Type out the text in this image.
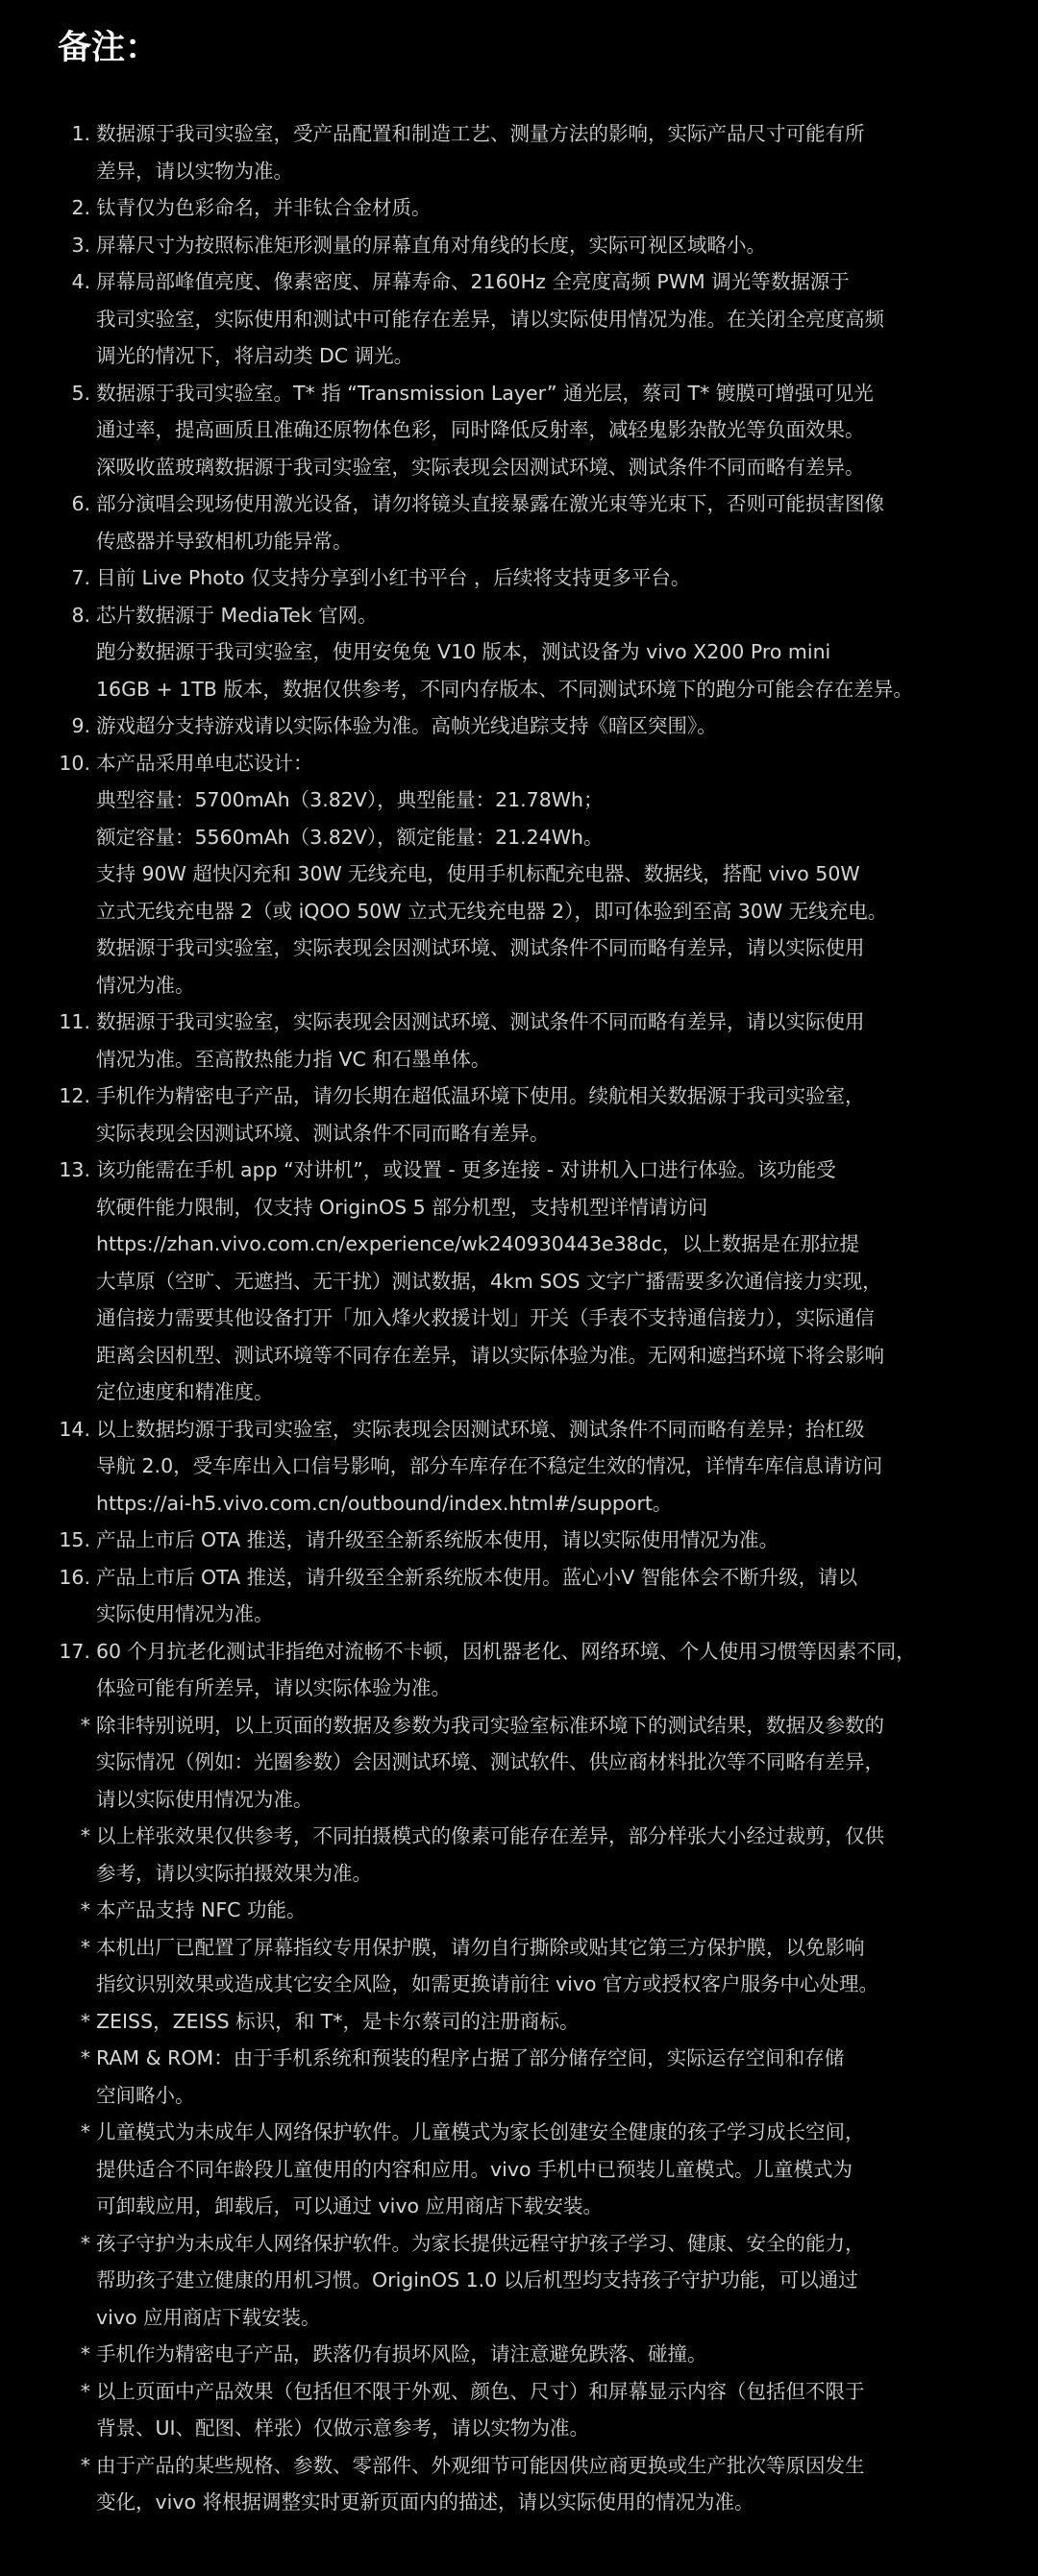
备注：
1. 数据源于我司实验室，受产品配置和制造工艺、测量方法的影响，实际产品尺寸可能有所
差异，请以实物为准。
2. 钛青仅为色彩命名，并非钛合金材质。
3. 屏幕尺寸为按照标准矩形测量的屏幕直角对角线的长度，实际可视区域略小。
4. 屏幕局部峰值亮度、像素密度、屏幕寿命、2160Hz 全亮度高频 PWM 调光等数据源于
我司实验室，实际使用和测试中可能存在差异，请以实际使用情况为准。在关闭全亮度高频
调光的情况下，将启动类 DC 调光。
5. 数据源于我司实验室。T* 指 “Transmission Layer” 通光层，蔡司 T* 镀膜可增强可见光
通过率，提高画质且准确还原物体色彩，同时降低反射率，减轻鬼影杂散光等负面效果。
深吸收蓝玻璃数据源于我司实验室，实际表现会因测试环境、测试条件不同而略有差异。
6. 部分演唱会现场使用激光设备，请勿将镜头直接暴露在激光束等光束下，否则可能损害图像
传感器并导致相机功能异常。
7. 目前 Live Photo 仅支持分享到小红书平台 ，后续将支持更多平台。
8. 芯片数据源于 MediaTek 官网。
跑分数据源于我司实验室，使用安兔兔 V10 版本，测试设备为 vivo X200 Pro mini
16GB + 1TB 版本，数据仅供参考，不同内存版本、不同测试环境下的跑分可能会存在差异。
9. 游戏超分支持游戏请以实际体验为准。高帧光线追踪支持《暗区突围》。
10. 本产品采用单电芯设计：
典型容量：5700mAh（3.82V），典型能量：21.78Wh；
额定容量：5560mAh（3.82V），额定能量：21.24Wh。
支持 90W 超快闪充和 30W 无线充电，使用手机标配充电器、数据线，搭配 vivo 50W
立式无线充电器 2（或 iQOO 50W 立式无线充电器 2），即可体验到至高 30W 无线充电。
数据源于我司实验室，实际表现会因测试环境、测试条件不同而略有差异，请以实际使用
情况为准。
11. 数据源于我司实验室，实际表现会因测试环境、测试条件不同而略有差异，请以实际使用
情况为准。至高散热能力指 VC 和石墨单体。
12. 手机作为精密电子产品，请勿长期在超低温环境下使用。续航相关数据源于我司实验室，
实际表现会因测试环境、测试条件不同而略有差异。
13. 该功能需在手机 app “对讲机”，或设置 - 更多连接 - 对讲机入口进行体验。该功能受
软硬件能力限制，仅支持 OriginOS 5 部分机型，支持机型详情请访问
https://zhan.vivo.com.cn/experience/wk240930443e38dc，以上数据是在那拉提
大草原（空旷、无遮挡、无干扰）测试数据，4km SOS 文字广播需要多次通信接力实现，
通信接力需要其他设备打开「加入烽火救援计划」开关（手表不支持通信接力），实际通信
距离会因机型、测试环境等不同存在差异，请以实际体验为准。无网和遮挡环境下将会影响
定位速度和精准度。
14. 以上数据均源于我司实验室，实际表现会因测试环境、测试条件不同而略有差异；抬杠级
导航 2.0，受车库出入口信号影响，部分车库存在不稳定生效的情况，详情车库信息请访问
https://ai-h5.vivo.com.cn/outbound/index.html#/support。
15. 产品上市后 OTA 推送，请升级至全新系统版本使用，请以实际使用情况为准。
16. 产品上市后 OTA 推送，请升级至全新系统版本使用。蓝心小V 智能体会不断升级，请以
实际使用情况为准。
17. 60 个月抗老化测试非指绝对流畅不卡顿，因机器老化、网络环境、个人使用习惯等因素不同，
体验可能有所差异，请以实际体验为准。
* 除非特别说明，以上页面的数据及参数为我司实验室标准环境下的测试结果，数据及参数的
实际情况（例如：光圈参数）会因测试环境、测试软件、供应商材料批次等不同略有差异，
请以实际使用情况为准。
* 以上样张效果仅供参考，不同拍摄模式的像素可能存在差异，部分样张大小经过裁剪，仅供
参考，请以实际拍摄效果为准。
* 本产品支持 NFC 功能。
* 本机出厂已配置了屏幕指纹专用保护膜，请勿自行撕除或贴其它第三方保护膜，以免影响
指纹识别效果或造成其它安全风险，如需更换请前往 vivo 官方或授权客户服务中心处理。
* ZEISS，ZEISS 标识，和 T*，是卡尔蔡司的注册商标。
* RAM & ROM：由于手机系统和预装的程序占据了部分储存空间，实际运存空间和存储
空间略小。
* 儿童模式为未成年人网络保护软件。儿童模式为家长创建安全健康的孩子学习成长空间，
提供适合不同年龄段儿童使用的内容和应用。vivo 手机中已预装儿童模式。儿童模式为
可卸载应用，卸载后，可以通过 vivo 应用商店下载安装。
* 孩子守护为未成年人网络保护软件。为家长提供远程守护孩子学习、健康、安全的能力，
帮助孩子建立健康的用机习惯。OriginOS 1.0 以后机型均支持孩子守护功能，可以通过
vivo 应用商店下载安装。
* 手机作为精密电子产品，跌落仍有损坏风险，请注意避免跌落、碰撞。
* 以上页面中产品效果（包括但不限于外观、颜色、尺寸）和屏幕显示内容（包括但不限于
背景、UI、配图、样张）仅做示意参考，请以实物为准。
* 由于产品的某些规格、参数、零部件、外观细节可能因供应商更换或生产批次等原因发生
变化，vivo 将根据调整实时更新页面内的描述，请以实际使用的情况为准。
